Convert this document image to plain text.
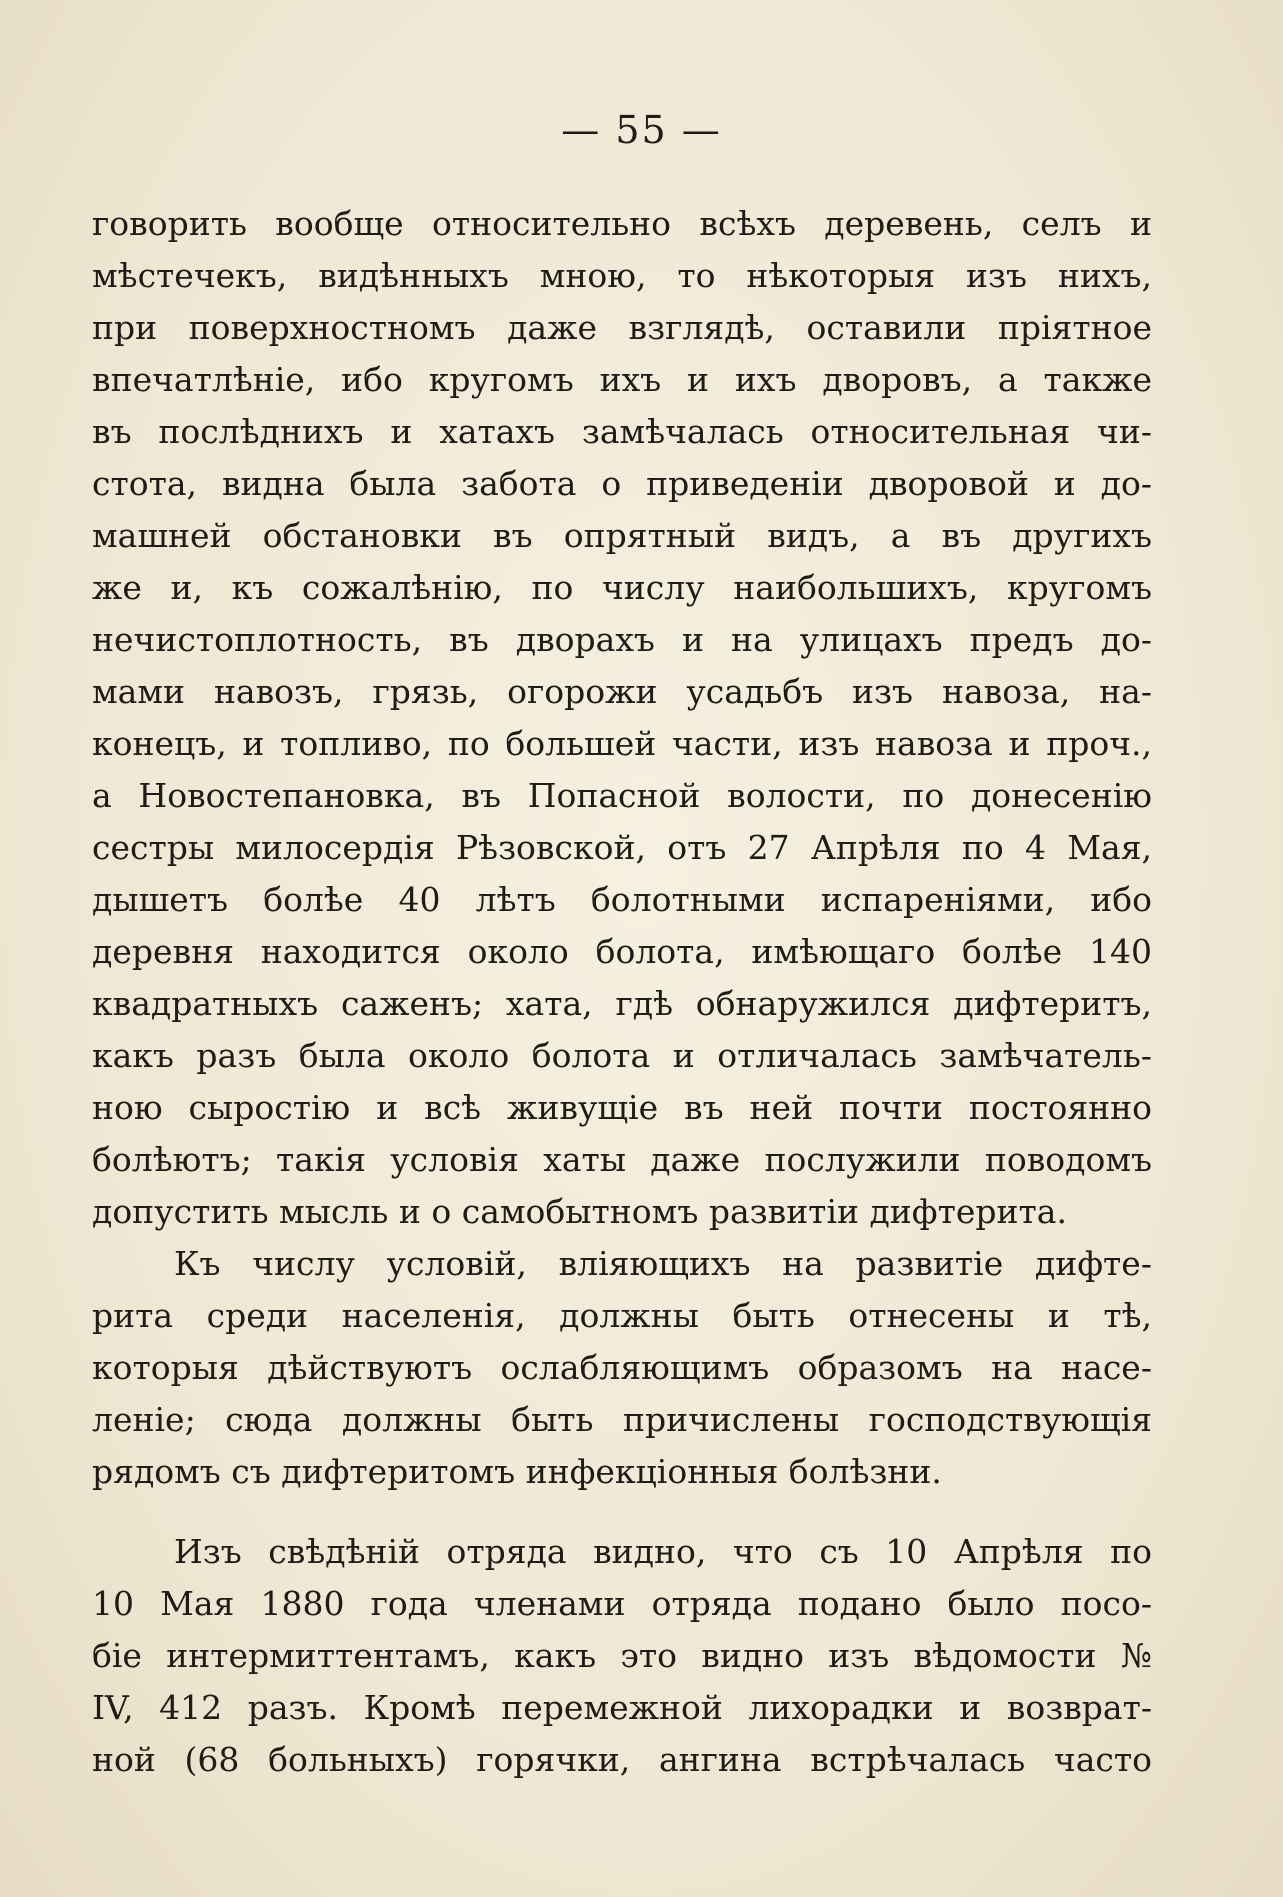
— 55 —
говорить вообще относительно всѣхъ деревень, селъ и
мѣстечекъ, видѣнныхъ мною, то нѣкоторыя изъ нихъ,
при поверхностномъ даже взглядѣ, оставили пріятное
впечатлѣніе, ибо кругомъ ихъ и ихъ дворовъ, а также
въ послѣднихъ и хатахъ замѣчалась относительная чи-
стота, видна была забота о приведеніи дворовой и до-
машней обстановки въ опрятный видъ, а въ другихъ
же и, къ сожалѣнію, по числу наибольшихъ, кругомъ
нечистоплотность, въ дворахъ и на улицахъ предъ до-
мами навозъ, грязь, огорожи усадьбъ изъ навоза, на-
конецъ, и топливо, по большей части, изъ навоза и проч.,
а Новостепановка, въ Попасной волости, по донесенію
сестры милосердія Рѣзовской, отъ 27 Апрѣля по 4 Мая,
дышетъ болѣе 40 лѣтъ болотными испареніями, ибо
деревня находится около болота, имѣющаго болѣе 140
квадратныхъ саженъ; хата, гдѣ обнаружился дифтеритъ,
какъ разъ была около болота и отличалась замѣчатель-
ною сыростію и всѣ живущіе въ ней почти постоянно
болѣютъ; такія условія хаты даже послужили поводомъ
допустить мысль и о самобытномъ развитіи дифтерита.
Къ числу условій, вліяющихъ на развитіе дифте-
рита среди населенія, должны быть отнесены и тѣ,
которыя дѣйствуютъ ослабляющимъ образомъ на насе-
леніе; сюда должны быть причислены господствующія
рядомъ съ дифтеритомъ инфекціонныя болѣзни.
Изъ свѣдѣній отряда видно, что съ 10 Апрѣля по
10 Мая 1880 года членами отряда подано было посо-
біе интермиттентамъ, какъ это видно изъ вѣдомости №
IV, 412 разъ. Кромѣ перемежной лихорадки и возврат-
ной (68 больныхъ) горячки, ангина встрѣчалась часто
